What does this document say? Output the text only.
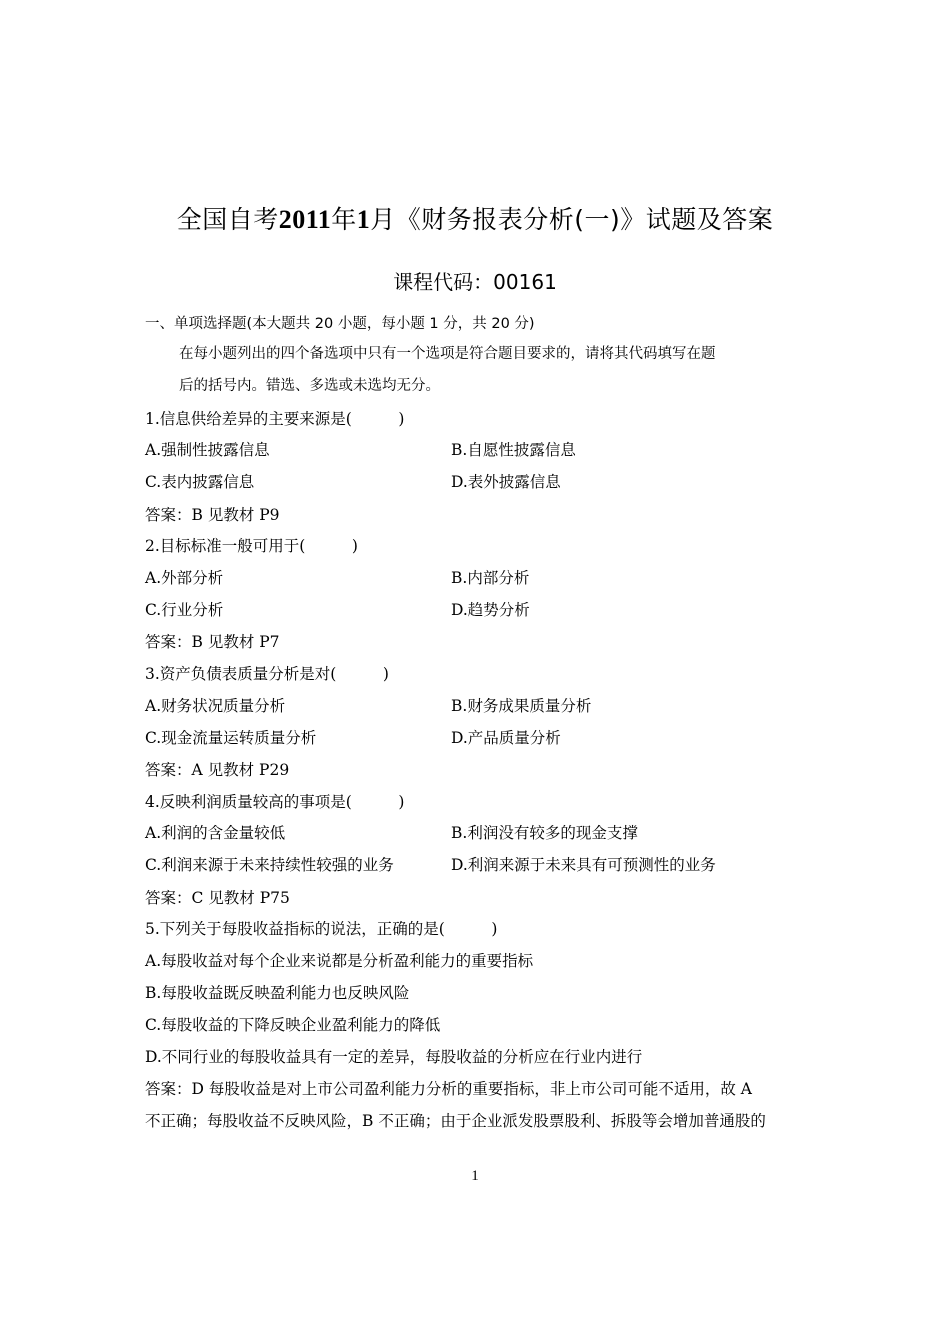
全国自考2011年1月《财务报表分析(一)》试题及答案
课程代码：00161
一、单项选择题(本大题共 20 小题，每小题 1 分，共 20 分)
在每小题列出的四个备选项中只有一个选项是符合题目要求的，请将其代码填写在题
后的括号内。错选、多选或未选均无分。
1.信息供给差异的主要来源是(　　　)
A.强制性披露信息	B.自愿性披露信息
C.表内披露信息	D.表外披露信息
答案：B 见教材 P9
2.目标标准一般可用于(　　　)
A.外部分析	B.内部分析
C.行业分析	D.趋势分析
答案：B 见教材 P7
3.资产负债表质量分析是对(　　　)
A.财务状况质量分析	B.财务成果质量分析
C.现金流量运转质量分析	D.产品质量分析
答案：A 见教材 P29
4.反映利润质量较高的事项是(　　　)
A.利润的含金量较低	B.利润没有较多的现金支撑
C.利润来源于未来持续性较强的业务	D.利润来源于未来具有可预测性的业务
答案：C 见教材 P75
5.下列关于每股收益指标的说法，正确的是(　　　)
A.每股收益对每个企业来说都是分析盈利能力的重要指标
B.每股收益既反映盈利能力也反映风险
C.每股收益的下降反映企业盈利能力的降低
D.不同行业的每股收益具有一定的差异，每股收益的分析应在行业内进行
答案：D 每股收益是对上市公司盈利能力分析的重要指标，非上市公司可能不适用，故 A
不正确；每股收益不反映风险，B 不正确；由于企业派发股票股利、拆股等会增加普通股的
1
